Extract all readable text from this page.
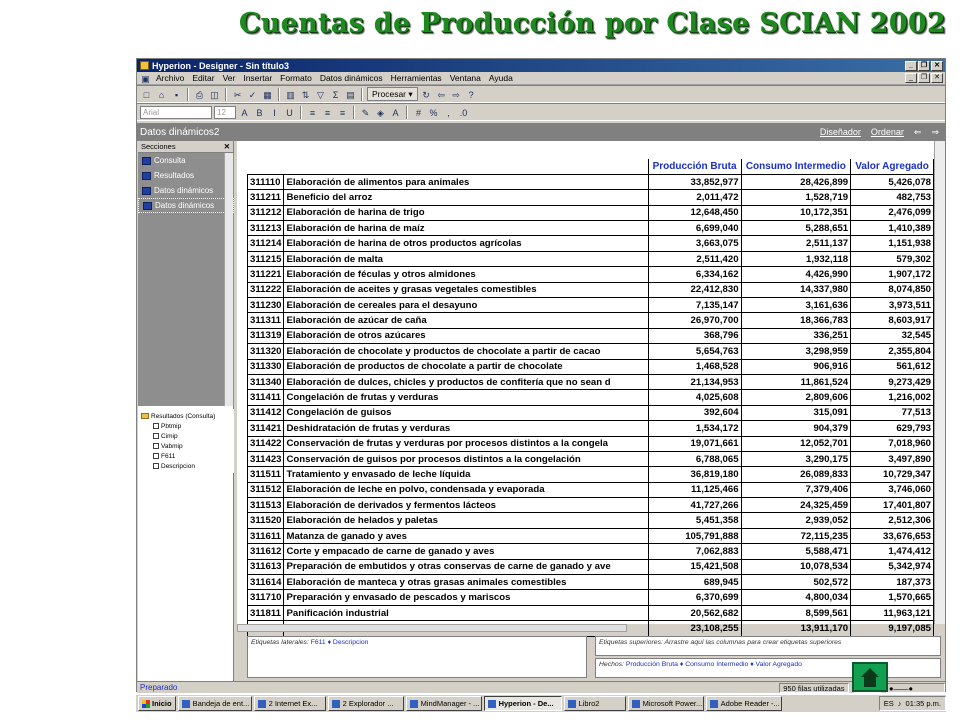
Cuentas de Producción por Clase SCIAN 2002
Hyperion - Designer - Sin título3	_	❐ ✕
▣ Archivo Editar Ver Insertar Formato Datos dinámicos Herramientas Ventana Ayuda	_	❐ ✕
□	⌂	▪	⎙ ◫	✂ ✓ ▦ ▥ ⇅ ▽ Σ ▤	Procesar ▾	↻ ⇦ ⇨ ?
Arial	12	A B	I	U	≡	≡	≡	✎ ◈ A	# %	,	.0
Datos dinámicos2	Diseñador Ordenar ⇐ ⇒
Secciones	✕
Consulta
Resultados
Datos dinámicos
Datos dinámicos
Resultados (Consulta)
Pbtmip
Cimip
Vabmip
F611
Descripcion
		Producción Bruta	Consumo Intermedio	Valor Agregado
311110	Elaboración de alimentos para animales	33,852,977	28,426,899	5,426,078
311211	Beneficio del arroz	2,011,472	1,528,719	482,753
311212	Elaboración de harina de trigo	12,648,450	10,172,351	2,476,099
311213	Elaboración de harina de maíz	6,699,040	5,288,651	1,410,389
311214	Elaboración de harina de otros productos agrícolas	3,663,075	2,511,137	1,151,938
311215	Elaboración de malta	2,511,420	1,932,118	579,302
311221	Elaboración de féculas y otros almidones	6,334,162	4,426,990	1,907,172
311222	Elaboración de aceites y grasas vegetales comestibles	22,412,830	14,337,980	8,074,850
311230	Elaboración de cereales para el desayuno	7,135,147	3,161,636	3,973,511
311311	Elaboración de azúcar de caña	26,970,700	18,366,783	8,603,917
311319	Elaboración de otros azúcares	368,796	336,251	32,545
311320	Elaboración de chocolate y productos de chocolate a partir de cacao	5,654,763	3,298,959	2,355,804
311330	Elaboración de productos de chocolate a partir de chocolate	1,468,528	906,916	561,612
311340	Elaboración de dulces, chicles y productos de confitería que no sean d	21,134,953	11,861,524	9,273,429
311411	Congelación de frutas y verduras	4,025,608	2,809,606	1,216,002
311412	Congelación de guisos	392,604	315,091	77,513
311421	Deshidratación de frutas y verduras	1,534,172	904,379	629,793
311422	Conservación de frutas y verduras por procesos distintos a la congela	19,071,661	12,052,701	7,018,960
311423	Conservación de guisos por procesos distintos a la congelación	6,788,065	3,290,175	3,497,890
311511	Tratamiento y envasado de leche líquida	36,819,180	26,089,833	10,729,347
311512	Elaboración de leche en polvo, condensada y evaporada	11,125,466	7,379,406	3,746,060
311513	Elaboración de derivados y fermentos lácteos	41,727,266	24,325,459	17,401,807
311520	Elaboración de helados y paletas	5,451,358	2,939,052	2,512,306
311611	Matanza de ganado y aves	105,791,888	72,115,235	33,676,653
311612	Corte y empacado de carne de ganado y aves	7,062,883	5,588,471	1,474,412
311613	Preparación de embutidos y otras conservas de carne de ganado y ave	15,421,508	10,078,534	5,342,974
311614	Elaboración de manteca y otras grasas animales comestibles	689,945	502,572	187,373
311710	Preparación y envasado de pescados y mariscos	6,370,699	4,800,034	1,570,665
311811	Panificación industrial	20,562,682	8,599,561	11,963,121
		23,108,255	13,911,170	9,197,085
Etiquetas laterales: F611 ♦ Descripcion	Etiquetas superiores: Arrastre aquí las columnas para crear etiquetas superiores
Hechos: Producción Bruta ♦ Consumo Intermedio ♦ Valor Agregado
Preparado	950 filas utilizadas	●——●
Inicio	Bandeja de ent...	2 Internet Ex...	2 Explorador ...	MindManager - ...	Hyperion - De...	Libro2	Microsoft Power... Adobe Reader -...	ES ♪ 01:35 p.m.
